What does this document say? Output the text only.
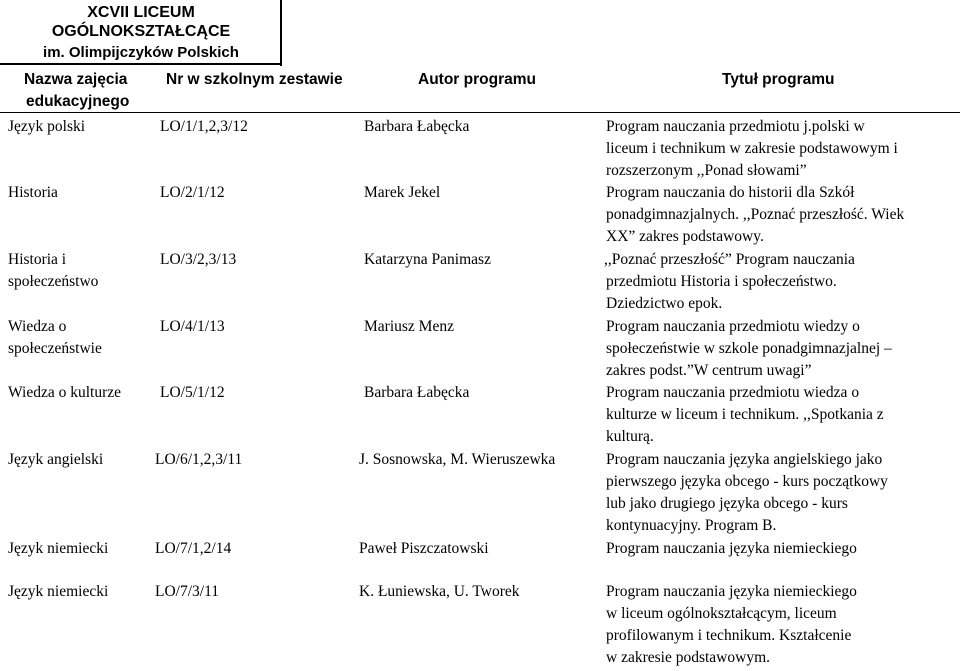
XCVII LICEUM
OGÓLNOKSZTAŁCĄCE
im. Olimpijczyków Polskich
Nazwa zajęcia
edukacyjnego
Nr w szkolnym zestawie	Autor programu	Tytuł programu
Język polski	LO/1/1,2,3/12	Barbara Łabęcka	Program nauczania przedmiotu j.polski w
liceum i technikum w zakresie podstawowym i
rozszerzonym ,,Ponad słowami”
Historia	LO/2/1/12	Marek Jekel	Program nauczania do historii dla Szkół
ponadgimnazjalnych. ,,Poznać przeszłość. Wiek
XX” zakres podstawowy.
Historia i
społeczeństwo
LO/3/2,3/13	Katarzyna Panimasz	,,Poznać przeszłość” Program nauczania
przedmiotu Historia i społeczeństwo.
Dziedzictwo epok.
Wiedza o
społeczeństwie
LO/4/1/13	Mariusz Menz	Program nauczania przedmiotu wiedzy o
społeczeństwie w szkole ponadgimnazjalnej –
zakres podst.”W centrum uwagi”
Wiedza o kulturze	LO/5/1/12	Barbara Łabęcka	Program nauczania przedmiotu wiedza o
kulturze w liceum i technikum. ,,Spotkania z
kulturą.
Język angielski	LO/6/1,2,3/11	J. Sosnowska, M. Wieruszewka	Program nauczania języka angielskiego jako
pierwszego języka obcego - kurs początkowy
lub jako drugiego języka obcego - kurs
kontynuacyjny. Program B.
Język niemiecki	LO/7/1,2/14	Paweł Piszczatowski	Program nauczania języka niemieckiego
Język niemiecki	LO/7/3/11	K. Łuniewska, U. Tworek	Program nauczania języka niemieckiego
w liceum ogólnokształcącym, liceum
profilowanym i technikum. Kształcenie
w zakresie podstawowym.
